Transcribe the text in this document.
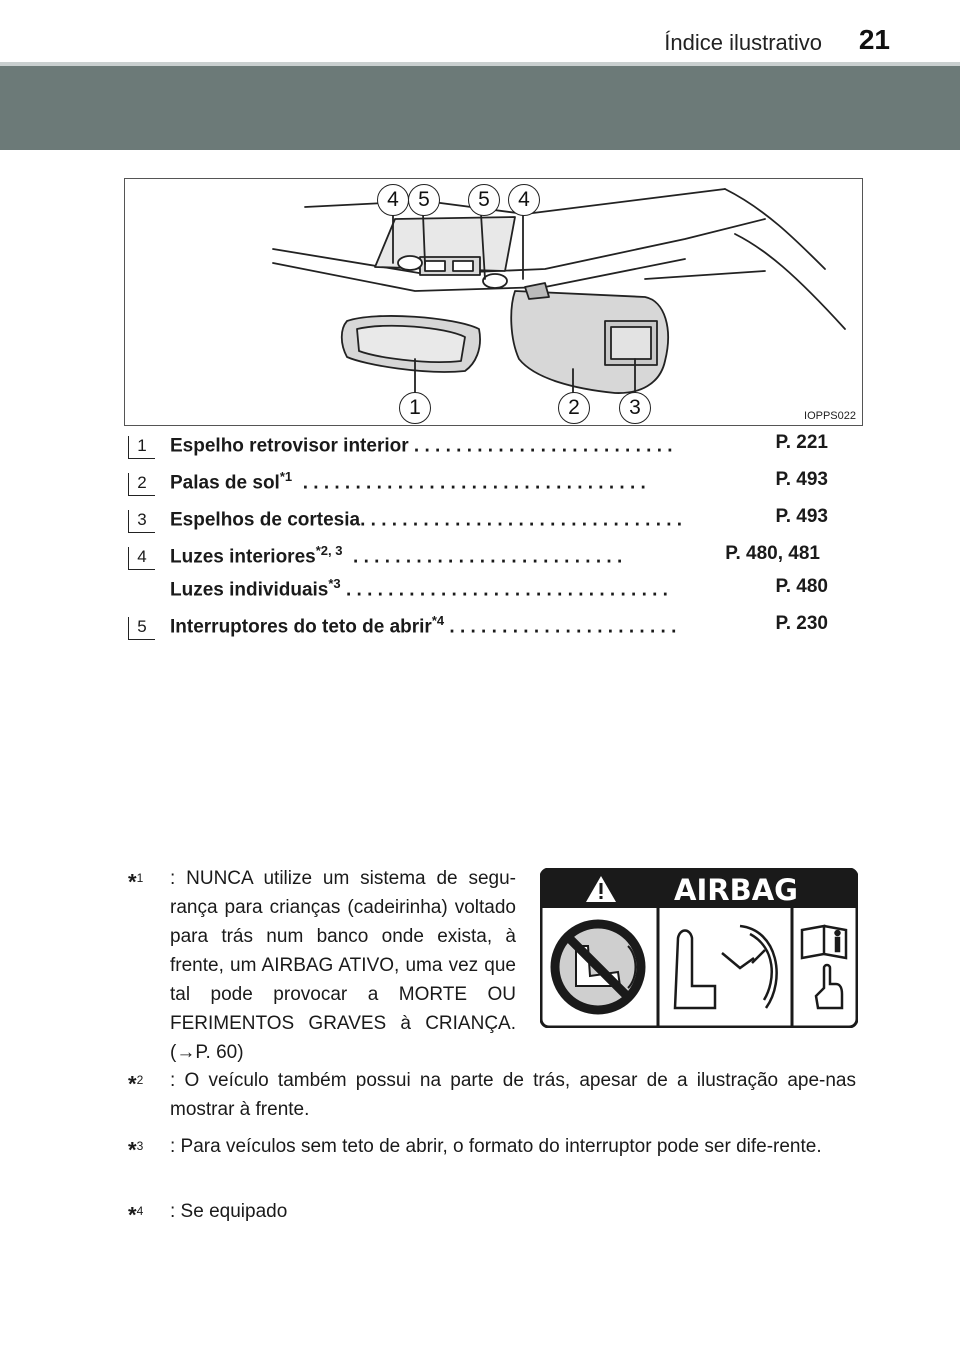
Índice ilustrativo 21
4 5	5	4
1	2	3	IOPPS022
1	Espelho retrovisor interior . . . . . . . . . . . . . . . . . . . . . . . . .	P. 221
2	Palas de sol$^{*1}$  . . . . . . . . . . . . . . . . . . . . . . . . . . . . . . . . .	P. 493
3	Espelhos de cortesia. . . . . . . . . . . . . . . . . . . . . . . . . . . . . . .	P. 493
4	Luzes interiores$^{*2, 3}$  . . . . . . . . . . . . . . . . . . . . . . . . . .	P. 480, 481
Luzes individuais$^{*3}$ . . . . . . . . . . . . . . . . . . . . . . . . . . . . . . .	P. 480
5	Interruptores do teto de abrir$^{*4}$ . . . . . . . . . . . . . . . . . . . . . .	P. 230
*$^1$ : NUNCA utilize um sistema de segu-rança para crianças (cadeirinha) voltado para trás num banco onde exista, à frente, um AIRBAG ATIVO, uma vez que tal pode provocar a MORTE OU FERIMENTOS GRAVES à CRIANÇA. (→P. 60)
AIRBAG
*$^2$ : O veículo também possui na parte de trás, apesar de a ilustração ape-nas mostrar à frente.
*$^3$ : Para veículos sem teto de abrir, o formato do interruptor pode ser dife-rente.
*$^4$ : Se equipado
